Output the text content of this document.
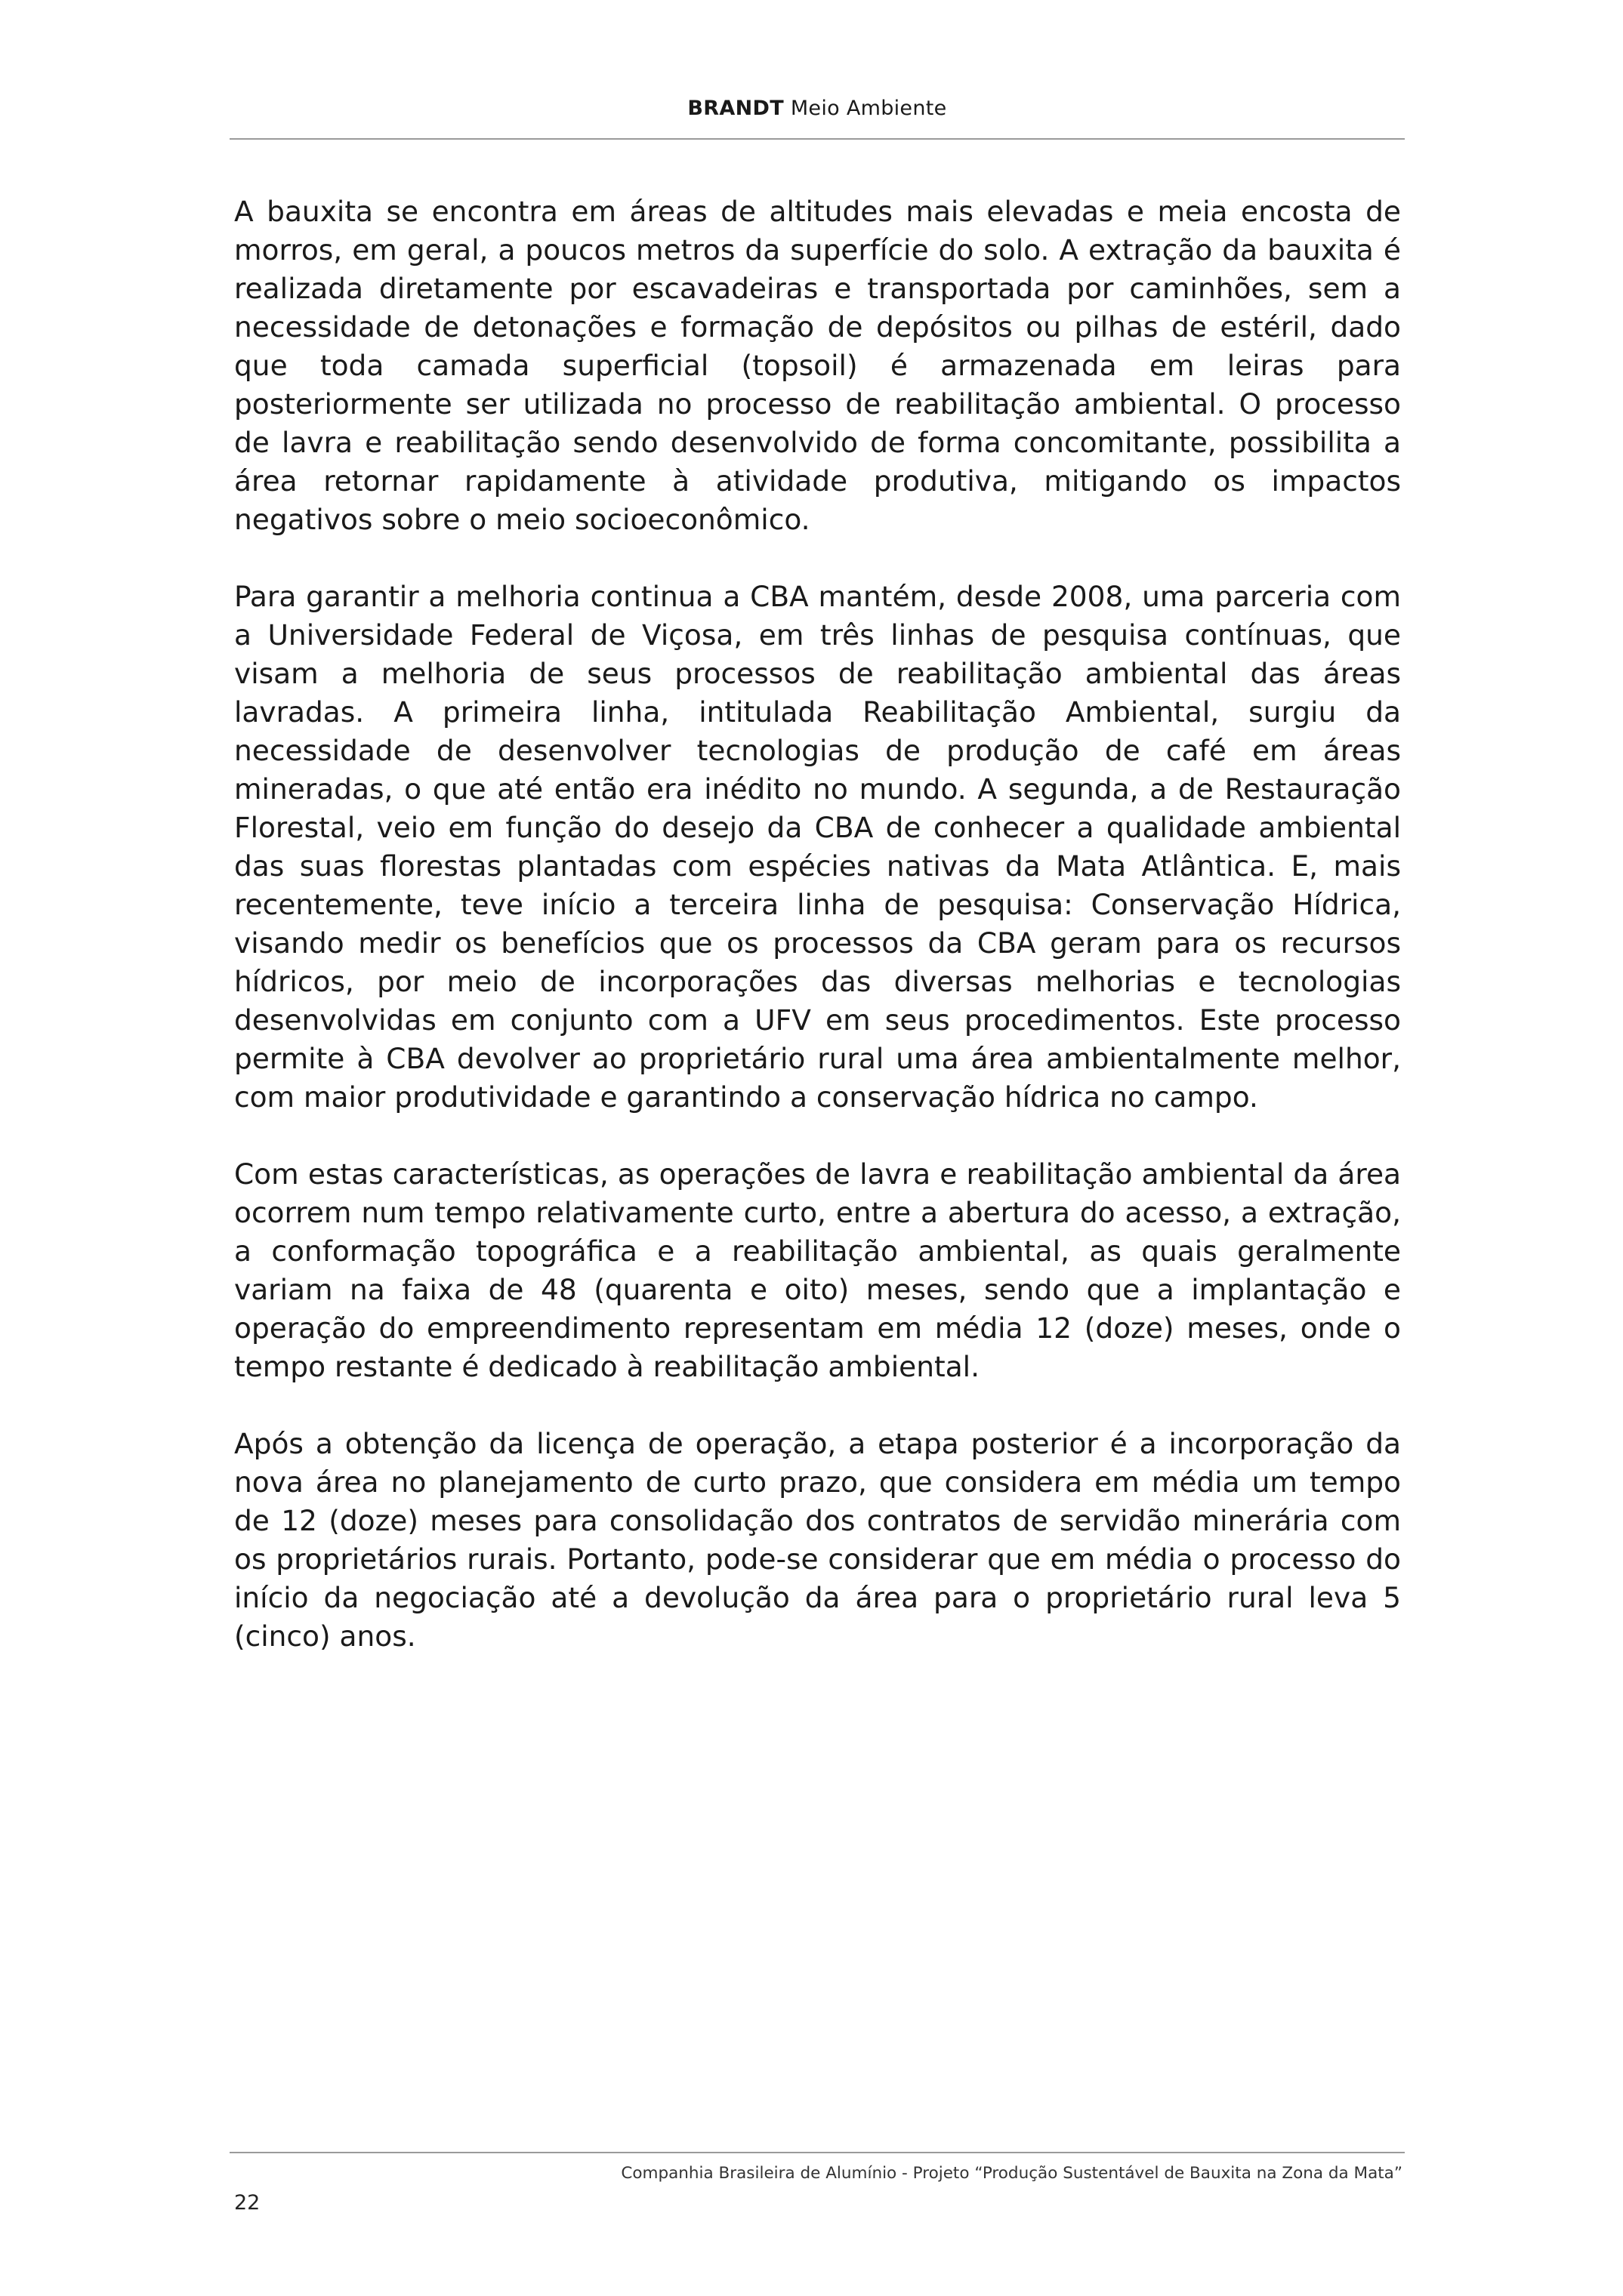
BRANDT Meio Ambiente

A bauxita se encontra em áreas de altitudes mais elevadas e meia encosta de morros, em geral, a poucos metros da superfície do solo. A extração da bauxita é realizada diretamente por escavadeiras e transportada por caminhões, sem a necessidade de detonações e formação de depósitos ou pilhas de estéril, dado que toda camada superficial (topsoil) é armazenada em leiras para posteriormente ser utilizada no processo de reabilitação ambiental. O processo de lavra e reabilitação sendo desenvolvido de forma concomitante, possibilita a área retornar rapidamente à atividade produtiva, mitigando os impactos negativos sobre o meio socioeconômico.

Para garantir a melhoria continua a CBA mantém, desde 2008, uma parceria com a Universidade Federal de Viçosa, em três linhas de pesquisa contínuas, que visam a melhoria de seus processos de reabilitação ambiental das áreas lavradas. A primeira linha, intitulada Reabilitação Ambiental, surgiu da necessidade de desenvolver tecnologias de produção de café em áreas mineradas, o que até então era inédito no mundo. A segunda, a de Restauração Florestal, veio em função do desejo da CBA de conhecer a qualidade ambiental das suas florestas plantadas com espécies nativas da Mata Atlântica. E, mais recentemente, teve início a terceira linha de pesquisa: Conservação Hídrica, visando medir os benefícios que os processos da CBA geram para os recursos hídricos, por meio de incorporações das diversas melhorias e tecnologias desenvolvidas em conjunto com a UFV em seus procedimentos. Este processo permite à CBA devolver ao proprietário rural uma área ambientalmente melhor, com maior produtividade e garantindo a conservação hídrica no campo.

Com estas características, as operações de lavra e reabilitação ambiental da área ocorrem num tempo relativamente curto, entre a abertura do acesso, a extração, a conformação topográfica e a reabilitação ambiental, as quais geralmente variam na faixa de 48 (quarenta e oito) meses, sendo que a implantação e operação do empreendimento representam em média 12 (doze) meses, onde o tempo restante é dedicado à reabilitação ambiental.

Após a obtenção da licença de operação, a etapa posterior é a incorporação da nova área no planejamento de curto prazo, que considera em média um tempo de 12 (doze) meses para consolidação dos contratos de servidão minerária com os proprietários rurais. Portanto, pode-se considerar que em média o processo do início da negociação até a devolução da área para o proprietário rural leva 5 (cinco) anos.

Companhia Brasileira de Alumínio - Projeto “Produção Sustentável de Bauxita na Zona da Mata”
22
